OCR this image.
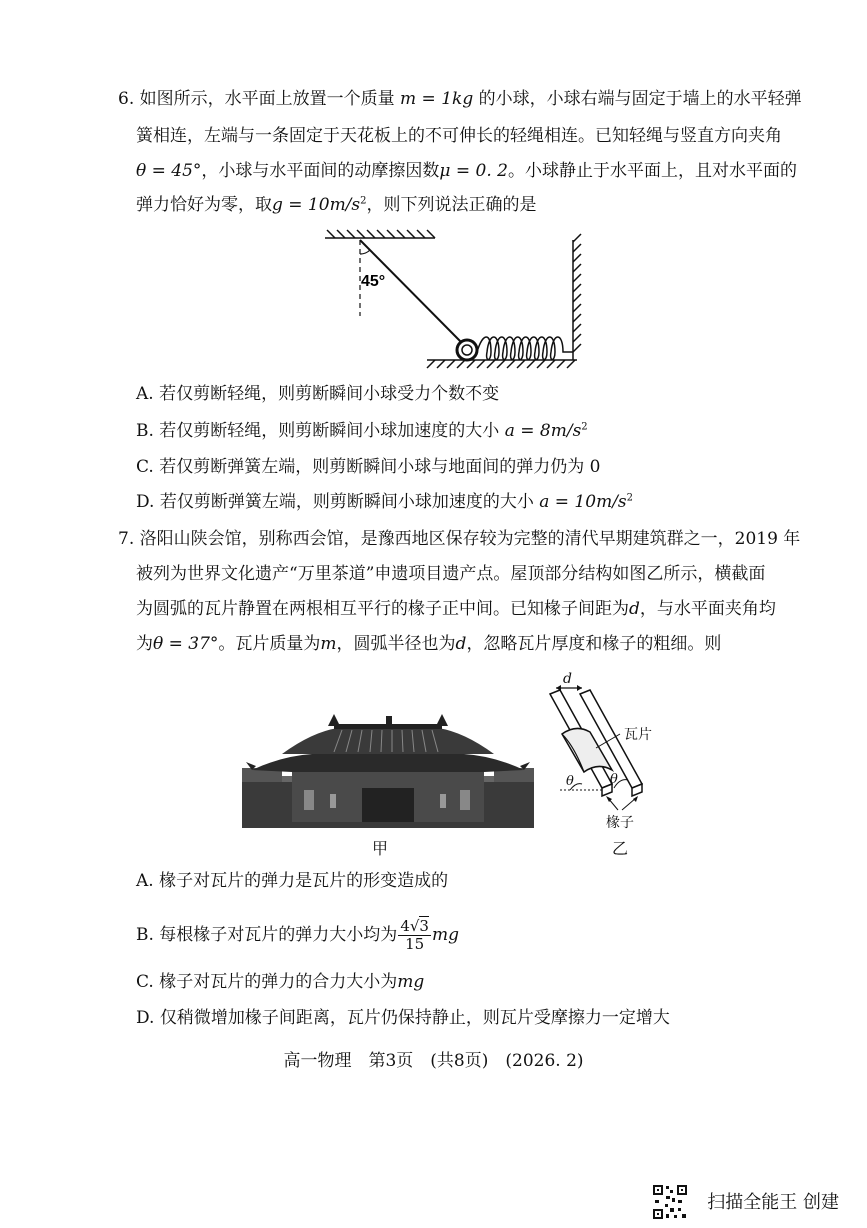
6. 如图所示，水平面上放置一个质量 m = 1kg 的小球，小球右端与固定于墙上的水平轻弹
簧相连，左端与一条固定于天花板上的不可伸长的轻绳相连。已知轻绳与竖直方向夹角
θ = 45°，小球与水平面间的动摩擦因数μ = 0. 2。小球静止于水平面上，且对水平面的
弹力恰好为零，取$g = 10m/s^2$，则下列说法正确的是
45°
A. 若仅剪断轻绳，则剪断瞬间小球受力个数不变
B. 若仅剪断轻绳，则剪断瞬间小球加速度的大小 $a = 8m/s^2$
C. 若仅剪断弹簧左端，则剪断瞬间小球与地面间的弹力仍为 0
D. 若仅剪断弹簧左端，则剪断瞬间小球加速度的大小 $a = 10m/s^2$
7. 洛阳山陕会馆，别称西会馆，是豫西地区保存较为完整的清代早期建筑群之一，2019 年
被列为世界文化遗产“万里茶道”申遗项目遗产点。屋顶部分结构如图乙所示，横截面
为圆弧的瓦片静置在两根相互平行的椽子正中间。已知椽子间距为d，与水平面夹角均
为θ = 37°。瓦片质量为m，圆弧半径也为d，忽略瓦片厚度和椽子的粗细。则
甲
d
瓦片
θ	θ
椽子
乙
A. 椽子对瓦片的弹力是瓦片的形变造成的
B. 每根椽子对瓦片的弹力大小均为 $\frac{4√3}{15}$ mg
C. 椽子对瓦片的弹力的合力大小为mg
D. 仅稍微增加椽子间距离，瓦片仍保持静止，则瓦片受摩擦力一定增大
高一物理　第3页　(共8页)　(2026. 2)
扫描全能王 创建
